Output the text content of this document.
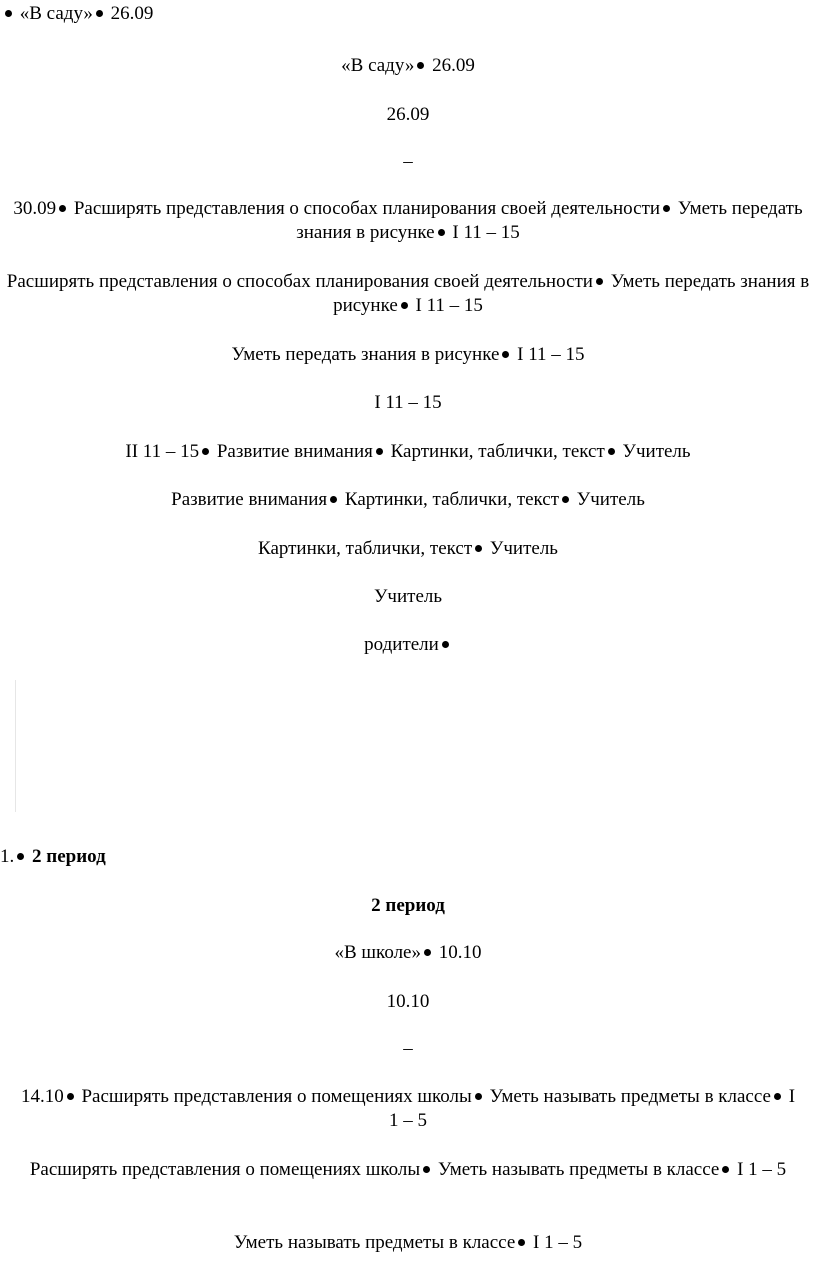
«В саду» 26.09
«В саду» 26.09
26.09
–
30.09 Расширять представления о способах планирования своей деятельности Уметь передать знания в рисунке I 11 – 15
Расширять представления о способах планирования своей деятельности Уметь передать знания в рисунке I 11 – 15
Уметь передать знания в рисунке I 11 – 15
I 11 – 15
II 11 – 15 Развитие внимания Картинки, таблички, текст Учитель
Развитие внимания Картинки, таблички, текст Учитель
Картинки, таблички, текст Учитель
Учитель
родители
1. 2 период
2 период
«В школе» 10.10
10.10
–
14.10 Расширять представления о помещениях школы Уметь называть предметы в классе I 1 – 5
Расширять представления о помещениях школы Уметь называть предметы в классе I 1 – 5
Уметь называть предметы в классе I 1 – 5
